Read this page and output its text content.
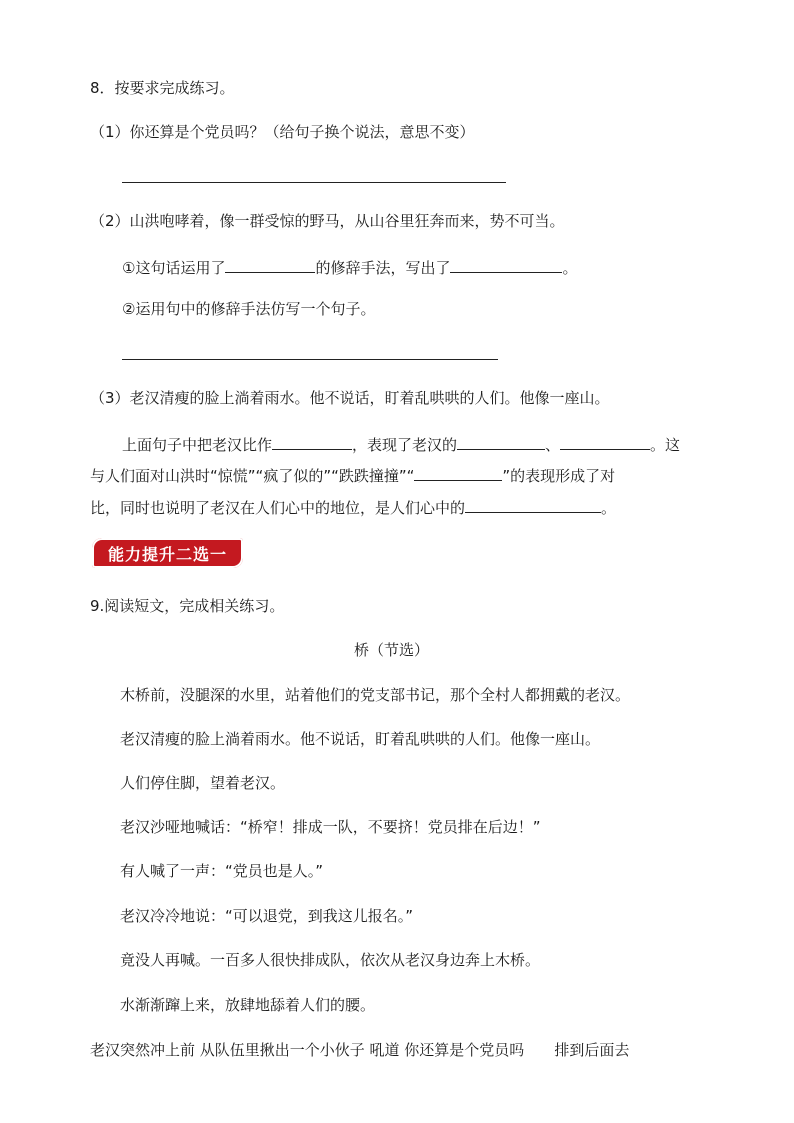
8．按要求完成练习。
（1）你还算是个党员吗？（给句子换个说法，意思不变）
（2）山洪咆哮着，像一群受惊的野马，从山谷里狂奔而来，势不可当。
①这句话运用了	的修辞手法，写出了	。
②运用句中的修辞手法仿写一个句子。
（3）老汉清瘦的脸上淌着雨水。他不说话，盯着乱哄哄的人们。他像一座山。
上面句子中把老汉比作	，表现了老汉的	、	。这
与人们面对山洪时“惊慌”“疯了似的”“跌跌撞撞”“	”的表现形成了对
比，同时也说明了老汉在人们心中的地位，是人们心中的	。
能力提升二选一
9.阅读短文，完成相关练习。
桥（节选）
木桥前，没腿深的水里，站着他们的党支部书记，那个全村人都拥戴的老汉。
老汉清瘦的脸上淌着雨水。他不说话，盯着乱哄哄的人们。他像一座山。
人们停住脚，望着老汉。
老汉沙哑地喊话：“桥窄！排成一队，不要挤！党员排在后边！”
有人喊了一声：“党员也是人。”
老汉冷冷地说：“可以退党，到我这儿报名。”
竟没人再喊。一百多人很快排成队，依次从老汉身边奔上木桥。
水渐渐蹿上来，放肆地舔着人们的腰。
老汉突然冲上前 从队伍里揪出一个小伙子 吼道 你还算是个党员吗 排到后面去
